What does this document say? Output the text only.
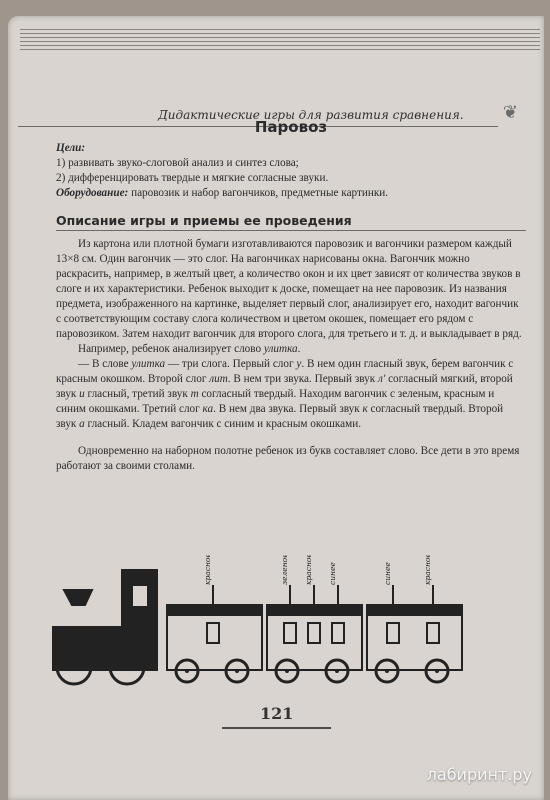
Дидактические игры для развития сравнения. ❦
Паровоз
Цели:
1) развивать звуко-слоговой анализ и синтез слова;
2) дифференцировать твердые и мягкие согласные звуки.
Оборудование: паровозик и набор вагончиков, предметные картинки.
Описание игры и приемы ее проведения

Из картона или плотной бумаги изготавливаются паровозик и вагончики размером каждый 13×8 см. Один вагончик — это слог. На вагончиках нарисованы окна. Вагончик можно раскрасить, например, в желтый цвет, а количество окон и их цвет зависят от количества звуков в слоге и их характеристики. Ребенок выходит к доске, помещает на нее паровозик. Из названия предмета, изображенного на картинке, выделяет первый слог, анализирует его, находит вагончик с соответствующим составу слога количеством и цветом окошек, помещает его рядом с паровозиком. Затем находит вагончик для второго слога, для третьего и т. д. и выкладывает в ряд.

Например, ребенок анализирует слово улитка.

— В слове улитка — три слога. Первый слог у. В нем один гласный звук, берем вагончик с красным окошком. Второй слог лит. В нем три звука. Первый звук л' согласный мягкий, второй звук и гласный, третий звук т согласный твердый. Находим вагончик с зеленым, красным и синим окошками. Третий слог ка. В нем два звука. Первый звук к согласный твердый. Второй звук а гласный. Кладем вагончик с синим и красным окошками.

Одновременно на наборном полотне ребенок из букв составляет слово. Все дети в это время работают за своими столами.

красное	зеленое красное синее	синее	красное
121
лабиринт.ру
